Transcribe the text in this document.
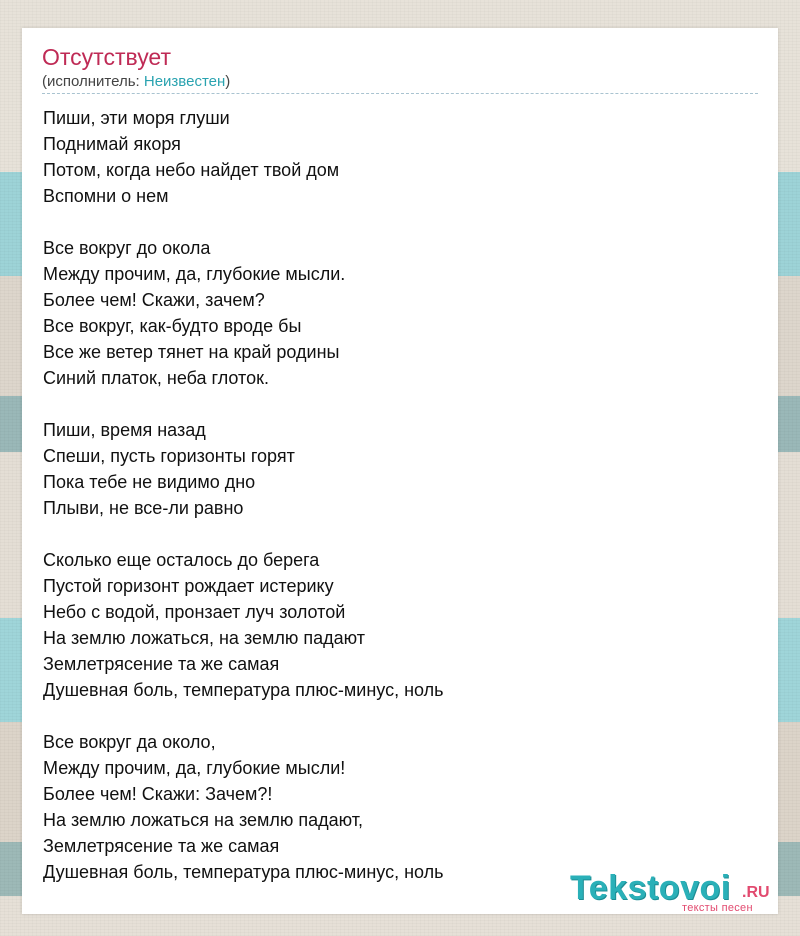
Отсутствует
(исполнитель: Неизвестен)
Пиши, эти моря глуши
Поднимай якоря
Потом, когда небо найдет твой дом
Вспомни о нем
Все вокруг до окола
Между прочим, да, глубокие мысли.
Более чем! Скажи, зачем?
Все вокруг, как-будто вроде бы
Все же ветер тянет на край родины
Синий платок, неба глоток.
Пиши, время назад
Спеши, пусть горизонты горят
Пока тебе не видимо дно
Плыви, не все-ли равно
Сколько еще осталось до берега
Пустой горизонт рождает истерику
Небо с водой, пронзает луч золотой
На землю ложаться, на землю падают
Землетрясение та же самая
Душевная боль, температура плюс-минус, ноль
Все вокруг да около,
Между прочим, да, глубокие мысли!
Более чем! Скажи: Зачем?!
На землю ложаться на землю падают,
Землетрясение та же самая
Душевная боль, температура плюс-минус, ноль	Tekstovoi .RU
тексты песен
